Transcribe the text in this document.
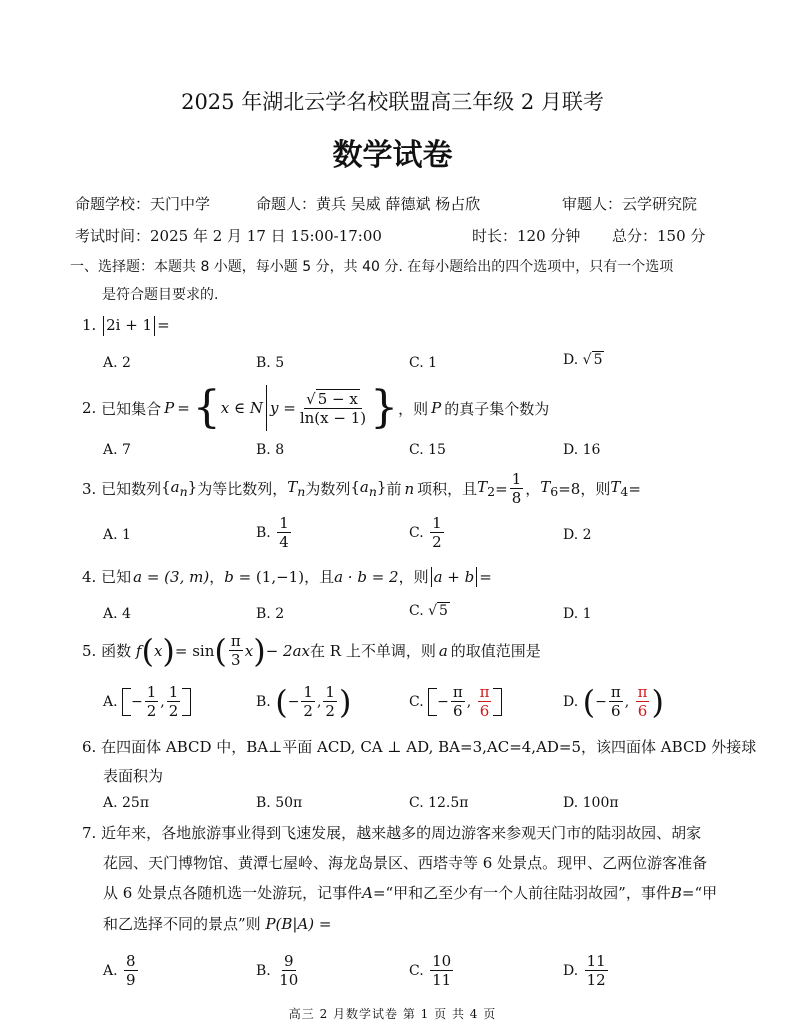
2025 年湖北云学名校联盟高三年级 2 月联考
数学试卷
命题学校：天门中学	命题人：黄兵 吴威 薛德斌 杨占欣	审题人：云学研究院
考试时间：2025 年 2 月 17 日 15:00-17:00	时长：120 分钟 总分：150 分
一、选择题：本题共 8 小题，每小题 5 分，共 40 分. 在每小题给出的四个选项中，只有一个选项
是符合题目要求的.
1. 2i + 1 =
A. 2	B. 5	C. 1	D. √ 5
2.
已知集合 P = { x ∈ N $y = \frac{√ 5 - x}{\ln(x - 1)}$ } ，则 P 的真子集个数为
A. 7	B. 8	C. 15	D. 16
3.
已知数列 $\{a_n\}$ 为等比数列， $T_n$ 为数列 $\{a_n\}$ 前 n 项积，且 $T_2 = \frac{1}{8}$ ， $T_6 =8$，则 $T_4$ =
A. 1	B.
$\frac{1}{4}$	C.
$\frac{1}{2}$	D. 2
4.
已知 a
= (3, m) ， b
= (1,−1) ，且 a · b = 2 ，则 a + b =
A. 4	B. 2	C. √ 5	D. 1
5.
函数
f ( x ) = sin ( $\frac{\pi}{3}$ x ) − 2ax 在 R 上不单调，则 a 的取值范围是
A.
− $\frac{1}{2}$ , $\frac{1}{2}$	B.
( − $\frac{1}{2}$ , $\frac{1}{2}$ )	C.
− $\frac{\pi}{6}$ , $\frac{\pi}{6}$	D.
( − $\frac{\pi}{6}$ , $\frac{\pi}{6}$ )
6. 在四面体 ABCD 中，BA⊥平面 ACD, CA ⊥ AD, BA=3,AC=4,AD=5，该四面体 ABCD 外接球
表面积为
A. 25π	B. 50π	C. 12.5π	D. 100π
7. 近年来，各地旅游事业得到飞速发展，越来越多的周边游客来参观天门市的陆羽故园、胡家
花园、天门博物馆、黄潭七屋岭、海龙岛景区、西塔寺等 6 处景点。现甲、乙两位游客准备
从 6 处景点各随机选一处游玩，记事件A=“甲和乙至少有一个人前往陆羽故园”，事件B=“甲
和乙选择不同的景点”则 P(B|A) =
A.
$\frac{8}{9}$	B.
$\frac{9}{10}$	C.
$\frac{10}{11}$	D.
$\frac{11}{12}$
高三 2 月数学试卷 第 1 页 共 4 页
